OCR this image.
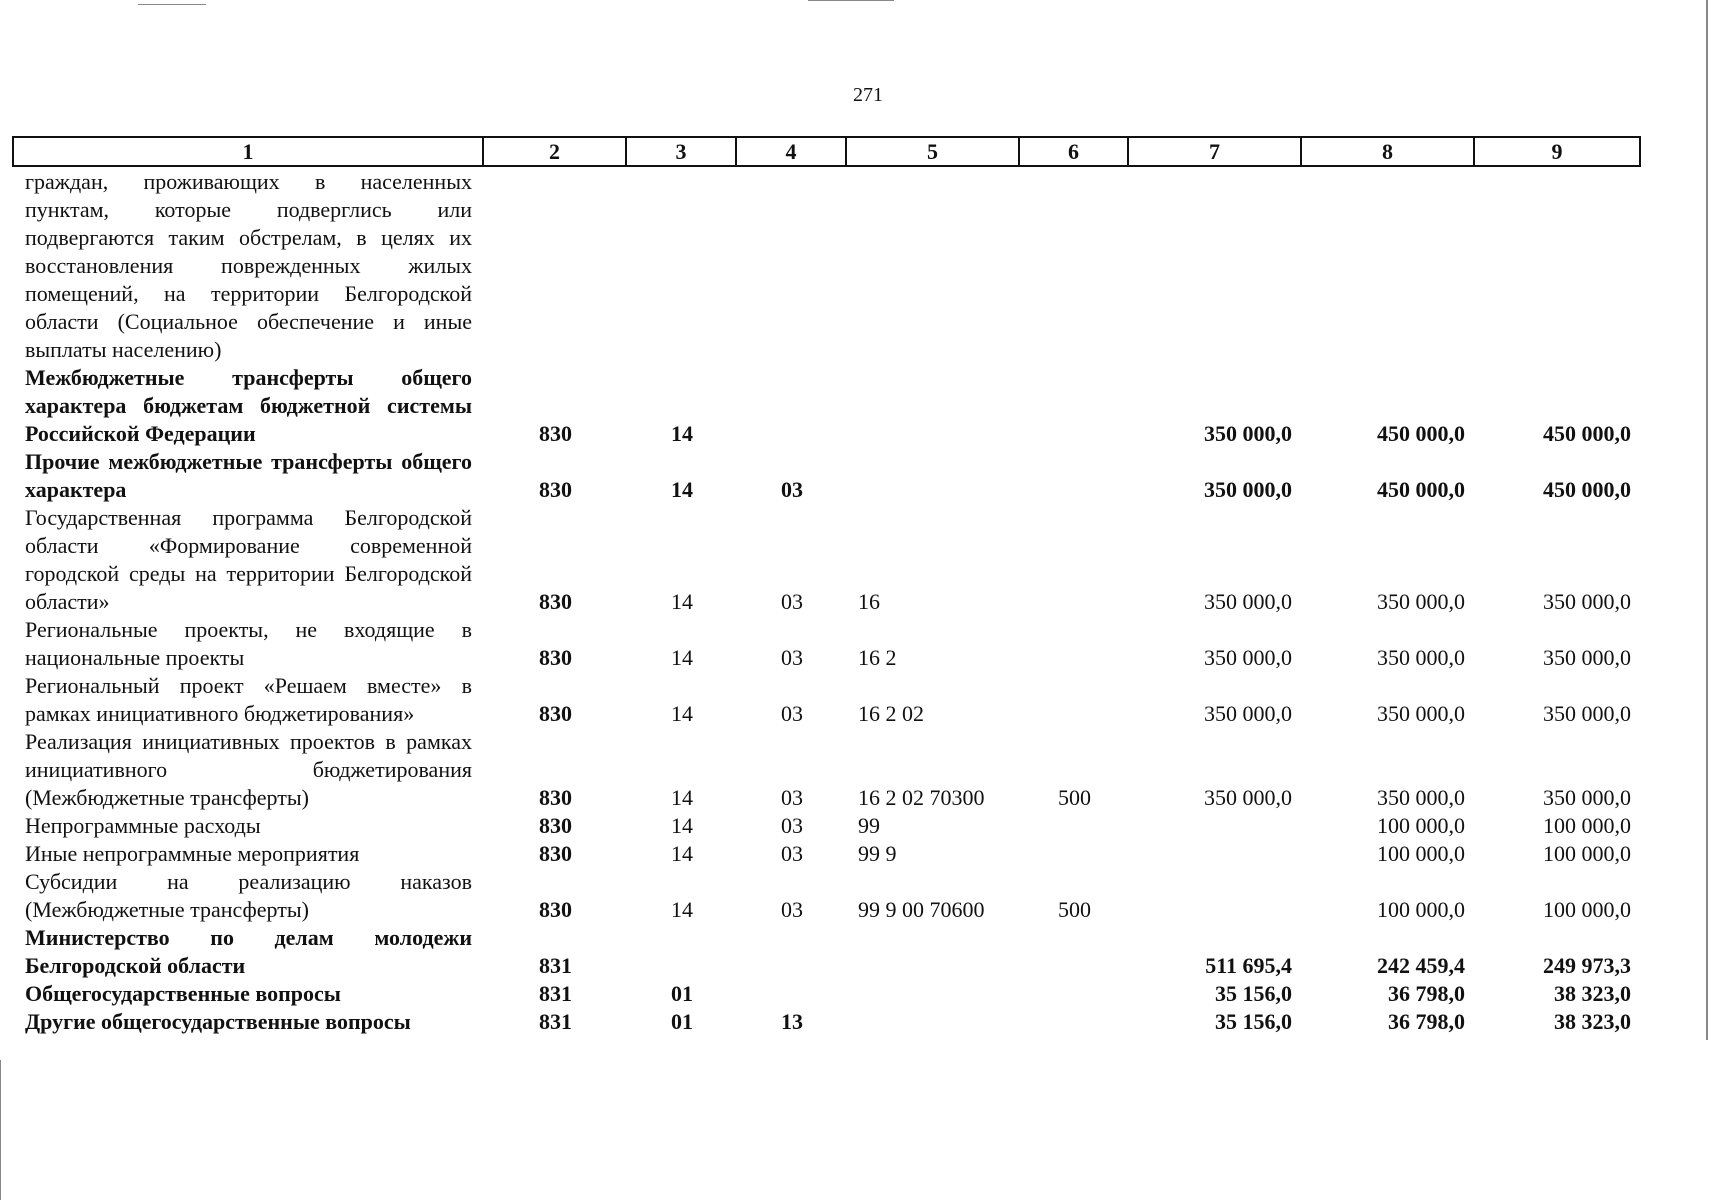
271
1	2	3	4	5	6	7	8	9
граждан, проживающих в населенных пунктам, которые подверглись или подвергаются таким обстрелам, в целях их восстановления поврежденных жилых помещений, на территории Белгородской области (Социальное обеспечение и иные выплаты населению)								
Межбюджетные трансферты общего характера бюджетам бюджетной системы Российской Федерации	830	14				350 000,0	450 000,0	450 000,0
Прочие межбюджетные трансферты общего характера	830	14	03			350 000,0	450 000,0	450 000,0
Государственная программа Белгородской области «Формирование современной городской среды на территории Белгородской области»	830	14	03	16		350 000,0	350 000,0	350 000,0
Региональные проекты, не входящие в национальные проекты	830	14	03	16 2		350 000,0	350 000,0	350 000,0
Региональный проект «Решаем вместе» в рамках инициативного бюджетирования»	830	14	03	16 2 02		350 000,0	350 000,0	350 000,0
Реализация инициативных проектов в рамках инициативного бюджетирования (Межбюджетные трансферты)	830	14	03	16 2 02 70300	500	350 000,0	350 000,0	350 000,0
Непрограммные расходы	830	14	03	99			100 000,0	100 000,0
Иные непрограммные мероприятия	830	14	03	99 9			100 000,0	100 000,0
Субсидии на реализацию наказов (Межбюджетные трансферты)	830	14	03	99 9 00 70600	500		100 000,0	100 000,0
Министерство по делам молодежи Белгородской области	831					511 695,4	242 459,4	249 973,3
Общегосударственные вопросы	831	01				35 156,0	36 798,0	38 323,0
Другие общегосударственные вопросы	831	01	13			35 156,0	36 798,0	38 323,0
